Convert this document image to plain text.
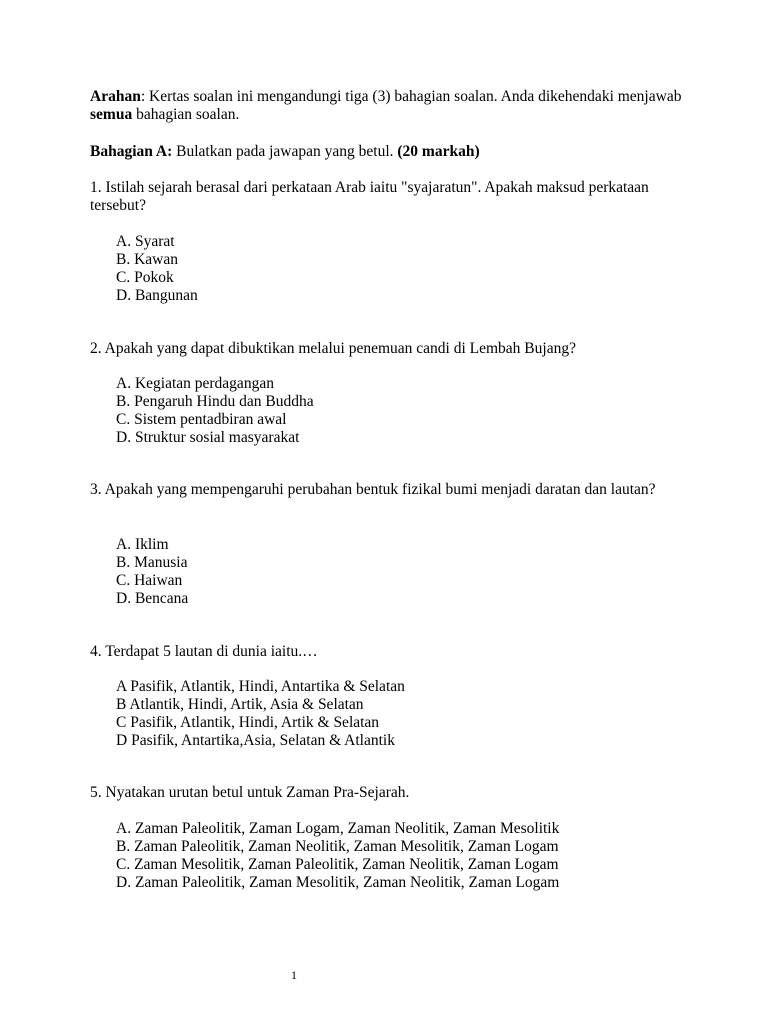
Arahan: Kertas soalan ini mengandungi tiga (3) bahagian soalan. Anda dikehendaki menjawab semua bahagian soalan.

Bahagian A: Bulatkan pada jawapan yang betul. (20 markah)

1. Istilah sejarah berasal dari perkataan Arab iaitu "syajaratun". Apakah maksud perkataan tersebut?
A. Syarat
B. Kawan
C. Pokok
D. Bangunan
2. Apakah yang dapat dibuktikan melalui penemuan candi di Lembah Bujang?
A. Kegiatan perdagangan
B. Pengaruh Hindu dan Buddha
C. Sistem pentadbiran awal
D. Struktur sosial masyarakat
3. Apakah yang mempengaruhi perubahan bentuk fizikal bumi menjadi daratan dan lautan?
A. Iklim
B. Manusia
C. Haiwan
D. Bencana
4. Terdapat 5 lautan di dunia iaitu.…
A Pasifik, Atlantik, Hindi, Antartika & Selatan
B Atlantik, Hindi, Artik, Asia & Selatan
C Pasifik, Atlantik, Hindi, Artik & Selatan
D Pasifik, Antartika,Asia, Selatan & Atlantik
5. Nyatakan urutan betul untuk Zaman Pra-Sejarah.
A. Zaman Paleolitik, Zaman Logam, Zaman Neolitik, Zaman Mesolitik
B. Zaman Paleolitik, Zaman Neolitik, Zaman Mesolitik, Zaman Logam
C. Zaman Mesolitik, Zaman Paleolitik, Zaman Neolitik, Zaman Logam
D. Zaman Paleolitik, Zaman Mesolitik, Zaman Neolitik, Zaman Logam
1
